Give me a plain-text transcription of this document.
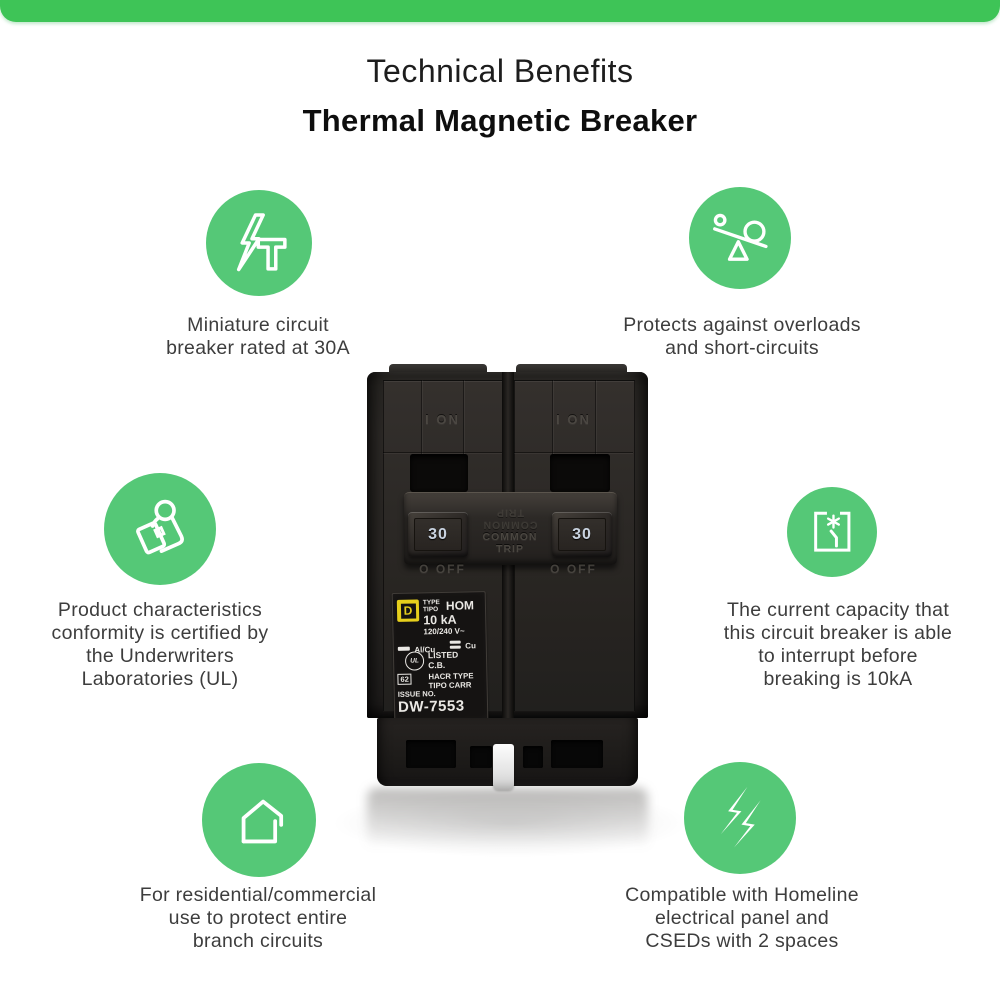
Technical Benefits
Thermal Magnetic Breaker
Miniature circuit
breaker rated at 30A
Protects against overloads
and short-circuits
Product characteristics
conformity is certified by
the Underwriters
Laboratories (UL)
The current capacity that
this circuit breaker is able
to interrupt before
breaking is 10kA
For residential/commercial
use to protect entire
branch circuits
Compatible with Homeline
electrical panel and
CSEDs with 2 spaces
I ON	I ON
COMMON
TRIP
COMMON
TRIP
30	30
O OFF	O OFF
D
TYPE
TIPO HOM
10 kA
120/240 V~
Al/Cu	Cu
UL
LISTED
C.B.
62	HACR TYPE
TIPO CARR
ISSUE NO.
DW-7553
